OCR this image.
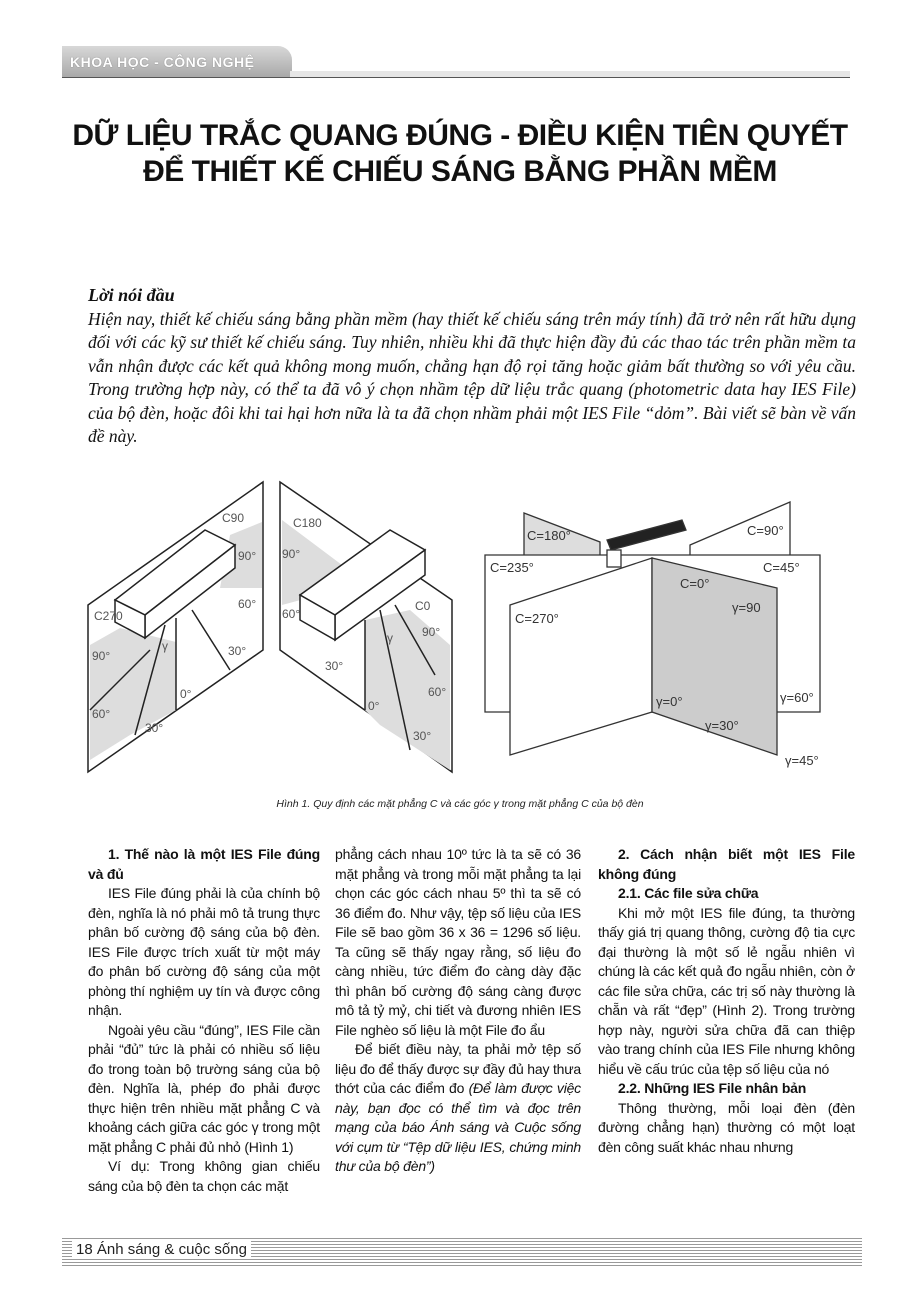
KHOA HỌC - CÔNG NGHỆ
DỮ LIỆU TRẮC QUANG ĐÚNG - ĐIỀU KIỆN TIÊN QUYẾT
ĐỂ THIẾT KẾ CHIẾU SÁNG BẰNG PHẦN MỀM
Lời nói đầu

Hiện nay, thiết kế chiếu sáng bằng phần mềm (hay thiết kế chiếu sáng trên máy tính) đã trở nên rất hữu dụng đối với các kỹ sư thiết kế chiếu sáng. Tuy nhiên, nhiều khi đã thực hiện đầy đủ các thao tác trên phần mềm ta vẫn nhận được các kết quả không mong muốn, chẳng hạn độ rọi tăng hoặc giảm bất thường so với yêu cầu. Trong trường hợp này, có thể ta đã vô ý chọn nhầm tệp dữ liệu trắc quang (photometric data hay IES File) của bộ đèn, hoặc đôi khi tai hại hơn nữa là ta đã chọn nhầm phải một IES File “dỏm”. Bài viết sẽ bàn về vấn đề này.

C90
90°
60°
30°
0°
C270
90°
60°
30°
γ
C180
90°
60°
30°
C0
90°
60°
30°
0°
γ
C=180°	C=90°
C=235°	C=45°
C=270°
C=0°
γ=90
γ=60°
γ=0°
γ=30°
γ=45°
Hình 1. Quy định các mặt phẳng C và các góc γ trong mặt phẳng C của bộ đèn
1. Thế nào là một IES File đúng và đủ

IES File đúng phải là của chính bộ đèn, nghĩa là nó phải mô tả trung thực phân bố cường độ sáng của bộ đèn. IES File được trích xuất từ một máy đo phân bố cường độ sáng của một phòng thí nghiệm uy tín và được công nhận.

Ngoài yêu cầu “đúng”, IES File cần phải “đủ” tức là phải có nhiều số liệu đo trong toàn bộ trường sáng của bộ đèn. Nghĩa là, phép đo phải được thực hiện trên nhiều mặt phẳng C và khoảng cách giữa các góc γ trong một mặt phẳng C phải đủ nhỏ (Hình 1)

Ví dụ: Trong không gian chiếu sáng của bộ đèn ta chọn các mặt

phẳng cách nhau 10º tức là ta sẽ có 36 mặt phẳng và trong mỗi mặt phẳng ta lại chọn các góc cách nhau 5º thì ta sẽ có 36 điểm đo. Như vậy, tệp số liệu của IES File sẽ bao gồm 36 x 36 = 1296 số liệu. Ta cũng sẽ thấy ngay rằng, số liệu đo càng nhiều, tức điểm đo càng dày đặc thì phân bố cường độ sáng càng được mô tả tỷ mỷ, chi tiết và đương nhiên IES File nghèo số liệu là một File đo ẩu

Để biết điều này, ta phải mở tệp số liệu đo để thấy được sự đầy đủ hay thưa thớt của các điểm đo (Để làm được việc này, bạn đọc có thể tìm và đọc trên mạng của báo Ánh sáng và Cuộc sống với cụm từ “Tệp dữ liệu IES, chứng minh thư của bộ đèn”)

2. Cách nhận biết một IES File không đúng
2.1. Các file sửa chữa

Khi mở một IES file đúng, ta thường thấy giá trị quang thông, cường độ tia cực đại thường là một số lẻ ngẫu nhiên vì chúng là các kết quả đo ngẫu nhiên, còn ở các file sửa chữa, các trị số này thường là chẵn và rất “đẹp” (Hình 2). Trong trường hợp này, người sửa chữa đã can thiệp vào trang chính của IES File nhưng không hiểu về cấu trúc của tệp số liệu của nó

2.2. Những IES File nhân bản

Thông thường, mỗi loại đèn (đèn đường chẳng hạn) thường có một loạt đèn công suất khác nhau nhưng

18 Ánh sáng & cuộc sống
